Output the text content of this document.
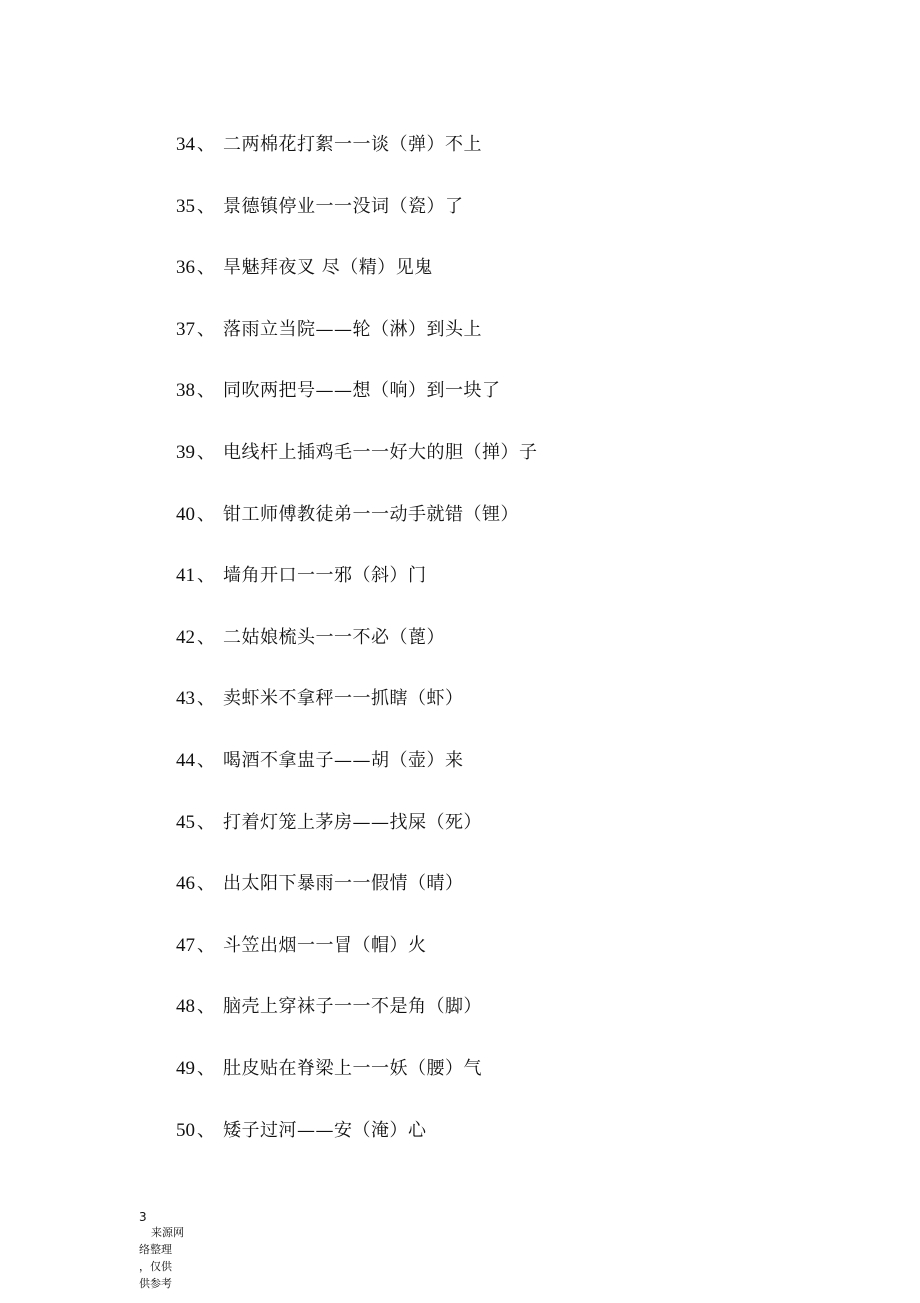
34 、 二两棉花打絮一一谈（弹）不上
35 、 景德镇停业一一没词（瓷）了
36 、 旱魅拜夜叉 尽（精）见鬼
37 、 落雨立当院——轮（淋）到头上
38 、 同吹两把号——想（响）到一块了
39 、 电线杆上插鸡毛一一好大的胆（掸）子
40 、 钳工师傅教徒弟一一动手就错（锂）
41 、 墙角开口一一邪（斜）门
42 、 二姑娘梳头一一不必（蓖）
43 、 卖虾米不拿秤一一抓瞎（虾）
44 、 喝酒不拿盅子——胡（壶）来
45 、 打着灯笼上茅房——找屎（死）
46 、 出太阳下暴雨一一假情（晴）
47 、 斗笠出烟一一冒（帽）火
48 、 脑壳上穿袜子一一不是角（脚）
49 、 肚皮贴在脊梁上一一妖（腰）气
50 、 矮子过河——安（淹）心
3
来源网
络整理
，仅供
供参考
